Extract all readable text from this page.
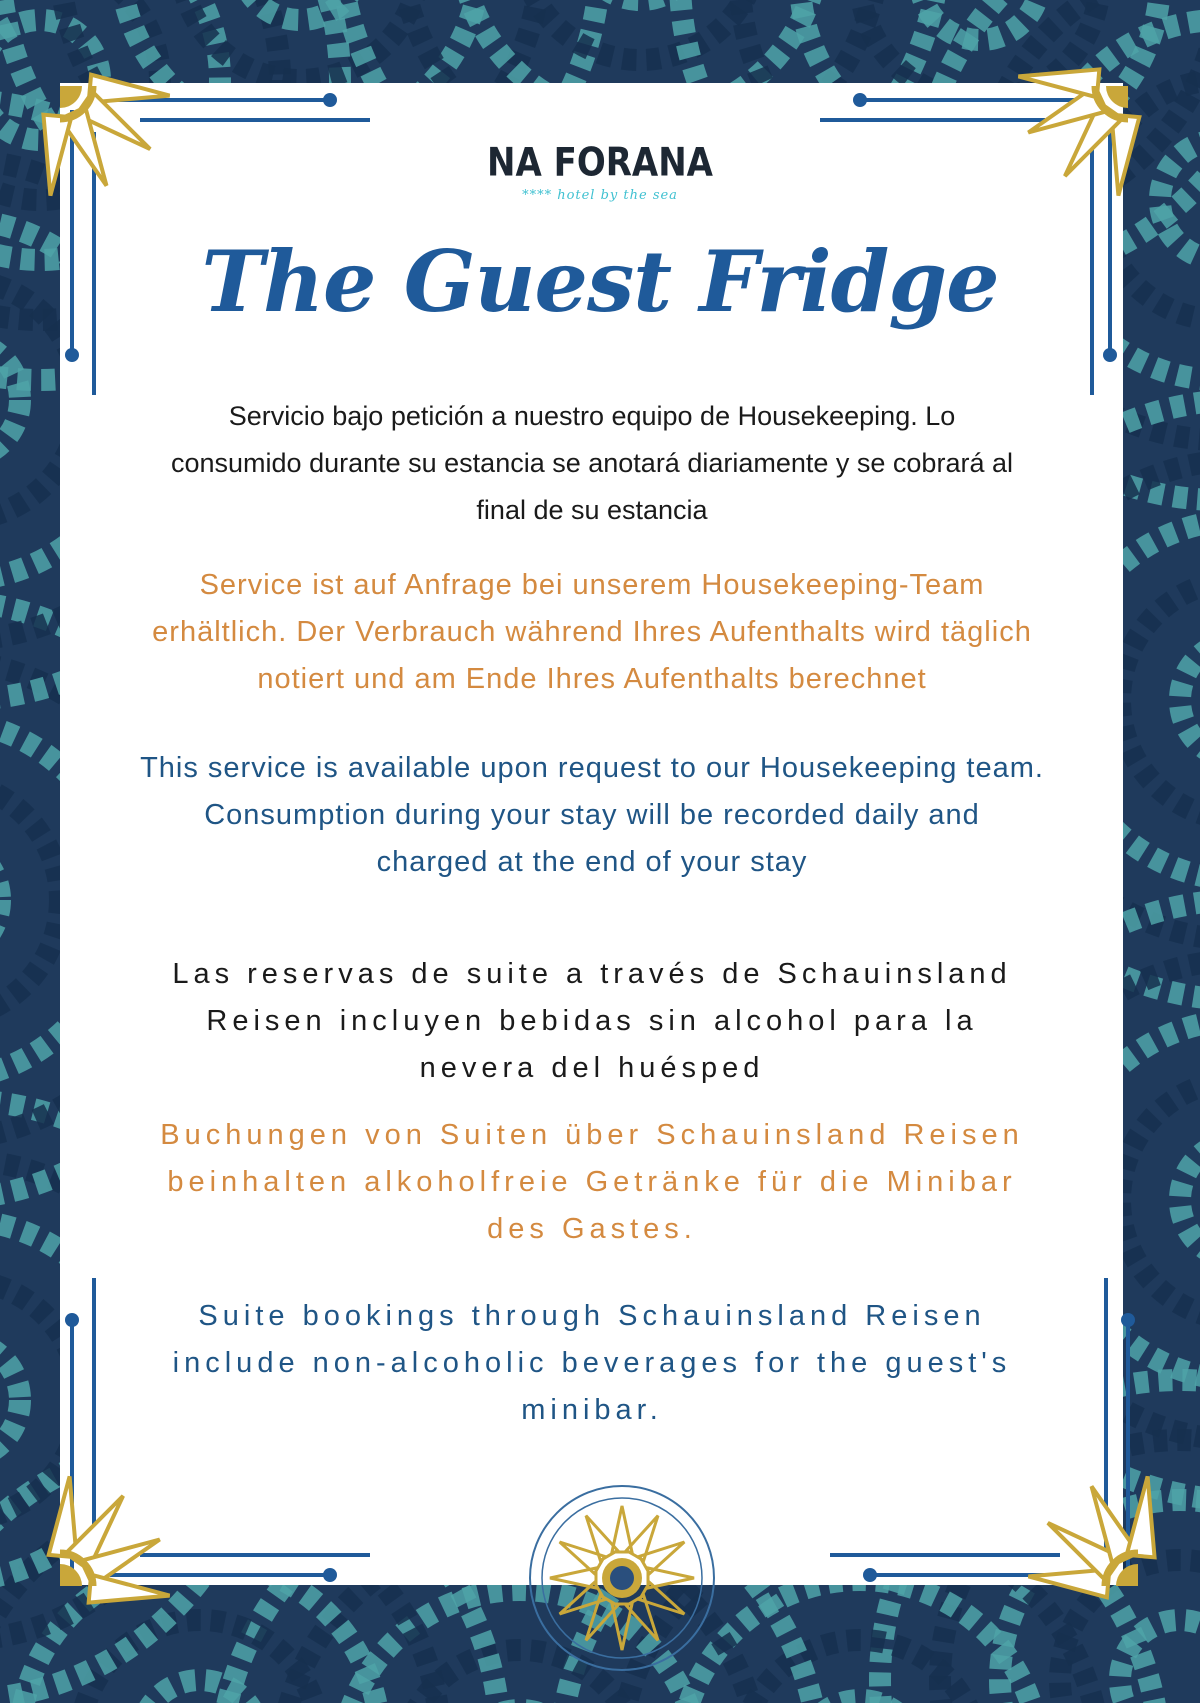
NA FORANA
**** hotel by the sea
The Guest Fridge

Servicio bajo petición a nuestro equipo de Housekeeping. Lo
consumido durante su estancia se anotará diariamente y se cobrará al
final de su estancia

Service ist auf Anfrage bei unserem Housekeeping-Team
erhältlich. Der Verbrauch während Ihres Aufenthalts wird täglich
notiert und am Ende Ihres Aufenthalts berechnet

This service is available upon request to our Housekeeping team.
Consumption during your stay will be recorded daily and
charged at the end of your stay

Las reservas de suite a través de Schauinsland
Reisen incluyen bebidas sin alcohol para la
nevera del huésped

Buchungen von Suiten über Schauinsland Reisen
beinhalten alkoholfreie Getränke für die Minibar
des Gastes.

Suite bookings through Schauinsland Reisen
include non-alcoholic beverages for the guest's
minibar.
